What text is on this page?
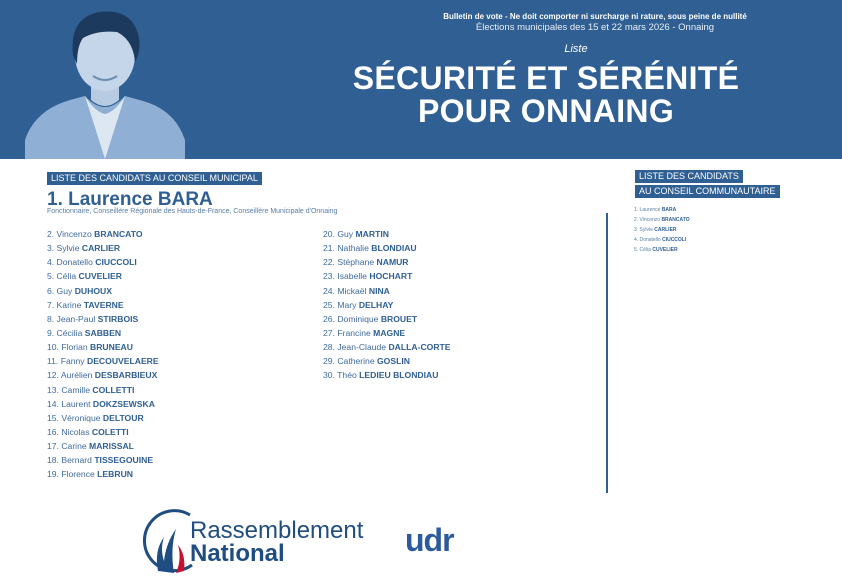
Bulletin de vote - Ne doit comporter ni surcharge ni rature, sous peine de nullité
Élections municipales des 15 et 22 mars 2026 - Onnaing
Liste
SÉCURITÉ ET SÉRÉNITÉ
POUR ONNAING
LISTE DES CANDIDATS AU CONSEIL MUNICIPAL
1. Laurence BARA
Fonctionnaire, Conseillère Régionale des Hauts-de-France, Conseillère Municipale d'Onnaing
2. Vincenzo BRANCATO
3. Sylvie CARLIER
4. Donatello CIUCCOLI
5. Célia CUVELIER
6. Guy DUHOUX
7. Karine TAVERNE
8. Jean-Paul STIRBOIS
9. Cécilia SABBEN
10. Florian BRUNEAU
11. Fanny DECOUVELAERE
12. Aurélien DESBARBIEUX
13. Camille COLLETTI
14. Laurent DOKZSEWSKA
15. Véronique DELTOUR
16. Nicolas COLETTI
17. Carine MARISSAL
18. Bernard TISSEGOUINE
19. Florence LEBRUN
20. Guy MARTIN
21. Nathalie BLONDIAU
22. Stéphane NAMUR
23. Isabelle HOCHART
24. Mickaël NINA
25. Mary DELHAY
26. Dominique BROUET
27. Francine MAGNE
28. Jean-Claude DALLA-CORTE
29. Catherine GOSLIN
30. Théo LEDIEU BLONDIAU
LISTE DES CANDIDATS
AU CONSEIL COMMUNAUTAIRE
1. Laurence BARA
2. Vincenzo BRANCATO
3. Sylvie CARLIER
4. Donatello CIUCCOLI
5. Célia CUVELIER
Rassemblement
National	udr
